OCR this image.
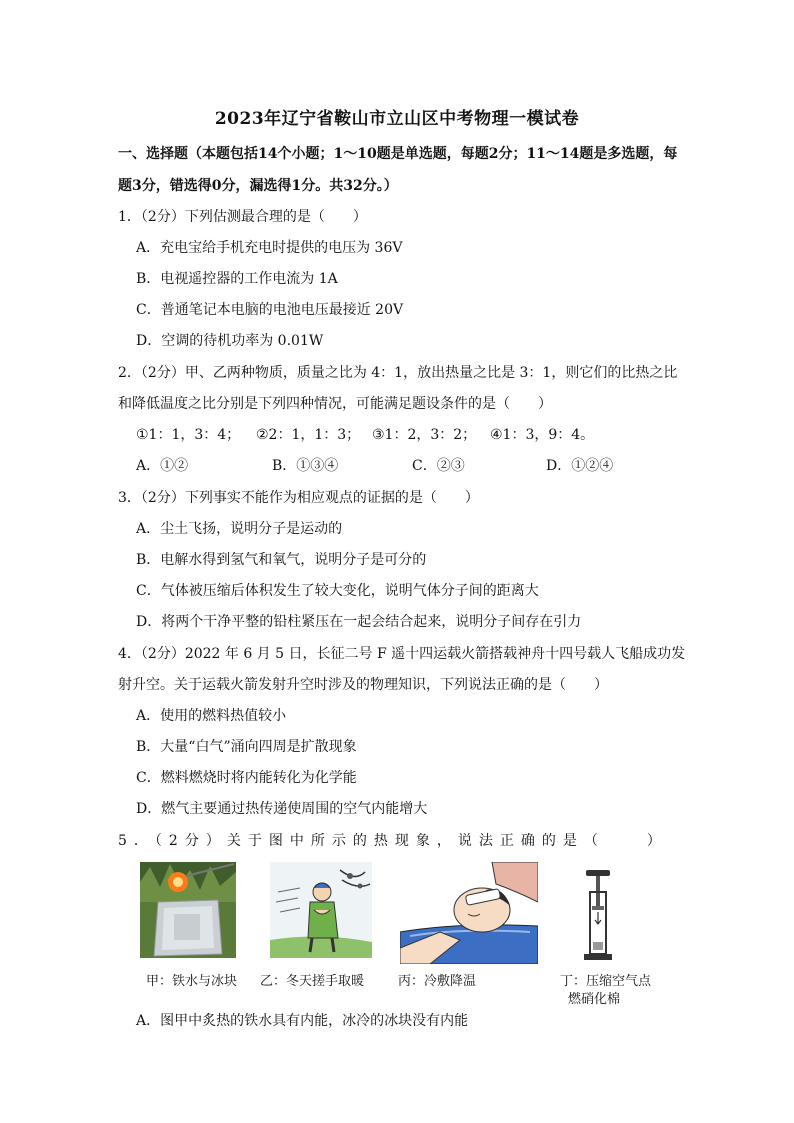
2023年辽宁省鞍山市立山区中考物理一模试卷
一、选择题（本题包括14个小题；1～10题是单选题，每题2分；11～14题是多选题，每
题3分，错选得0分，漏选得1分。共32分。）
1．（2分）下列估测最合理的是（　　）
A．充电宝给手机充电时提供的电压为 36V
B．电视遥控器的工作电流为 1A
C．普通笔记本电脑的电池电压最接近 20V
D．空调的待机功率为 0.01W
2．（2分）甲、乙两种物质，质量之比为 4：1，放出热量之比是 3：1，则它们的比热之比
和降低温度之比分别是下列四种情况，可能满足题设条件的是（　　）
①1：1，3：4； ②2：1，1：3； ③1：2，3：2； ④1：3，9：4。
A．①②	B．①③④	C．②③	D．①②④
3．（2分）下列事实不能作为相应观点的证据的是（　　）
A．尘土飞扬，说明分子是运动的
B．电解水得到氢气和氧气，说明分子是可分的
C．气体被压缩后体积发生了较大变化，说明气体分子间的距离大
D．将两个干净平整的铅柱紧压在一起会结合起来，说明分子间存在引力
4．（2分）2022 年 6 月 5 日，长征二号 F 遥十四运载火箭搭载神舟十四号载人飞船成功发
射升空。关于运载火箭发射升空时涉及的物理知识，下列说法正确的是（　　）
A．使用的燃料热值较小
B．大量“白气”涌向四周是扩散现象
C．燃料燃烧时将内能转化为化学能
D．燃气主要通过热传递使周围的空气内能增大
5．（2分）关于图中所示的热现象，说法正确的是（　　）
甲：铁水与冰块 乙：冬天搓手取暖	丙：冷敷降温	丁：压缩空气点
燃硝化棉
A．图甲中炙热的铁水具有内能，冰冷的冰块没有内能
